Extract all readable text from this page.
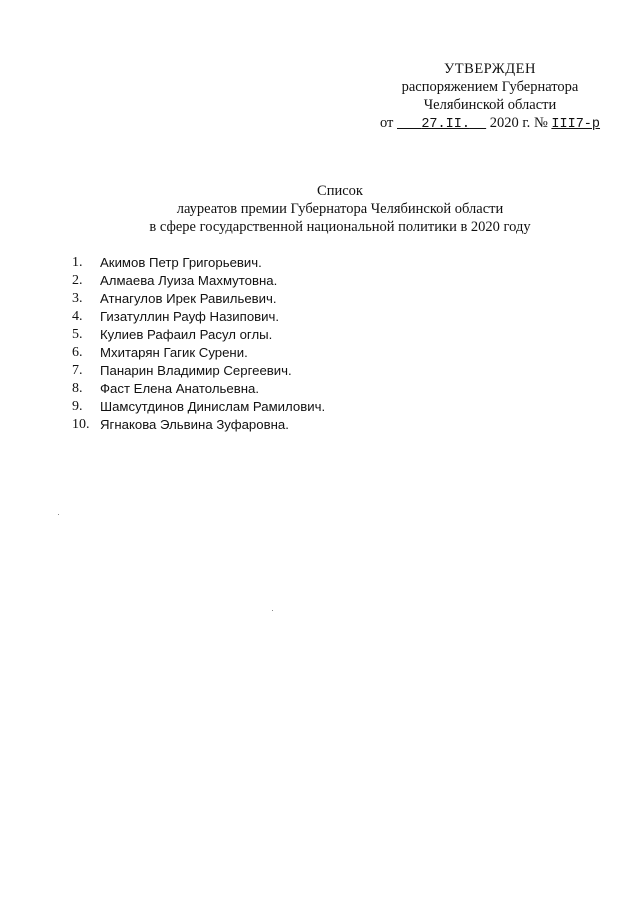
УТВЕРЖДЕН
распоряжением Губернатора
Челябинской области
от 27.II. 2020 г. № III7-р
Список
лауреатов премии Губернатора Челябинской области
в сфере государственной национальной политики в 2020 году
1.	Акимов Петр Григорьевич.
2.	Алмаева Луиза Махмутовна.
3.	Атнагулов Ирек Равильевич.
4.	Гизатуллин Рауф Назипович.
5.	Кулиев Рафаил Расул оглы.
6.	Мхитарян Гагик Сурени.
7.	Панарин Владимир Сергеевич.
8.	Фаст Елена Анатольевна.
9.	Шамсутдинов Динислам Рамилович.
10. Ягнакова Эльвина Зуфаровна.
